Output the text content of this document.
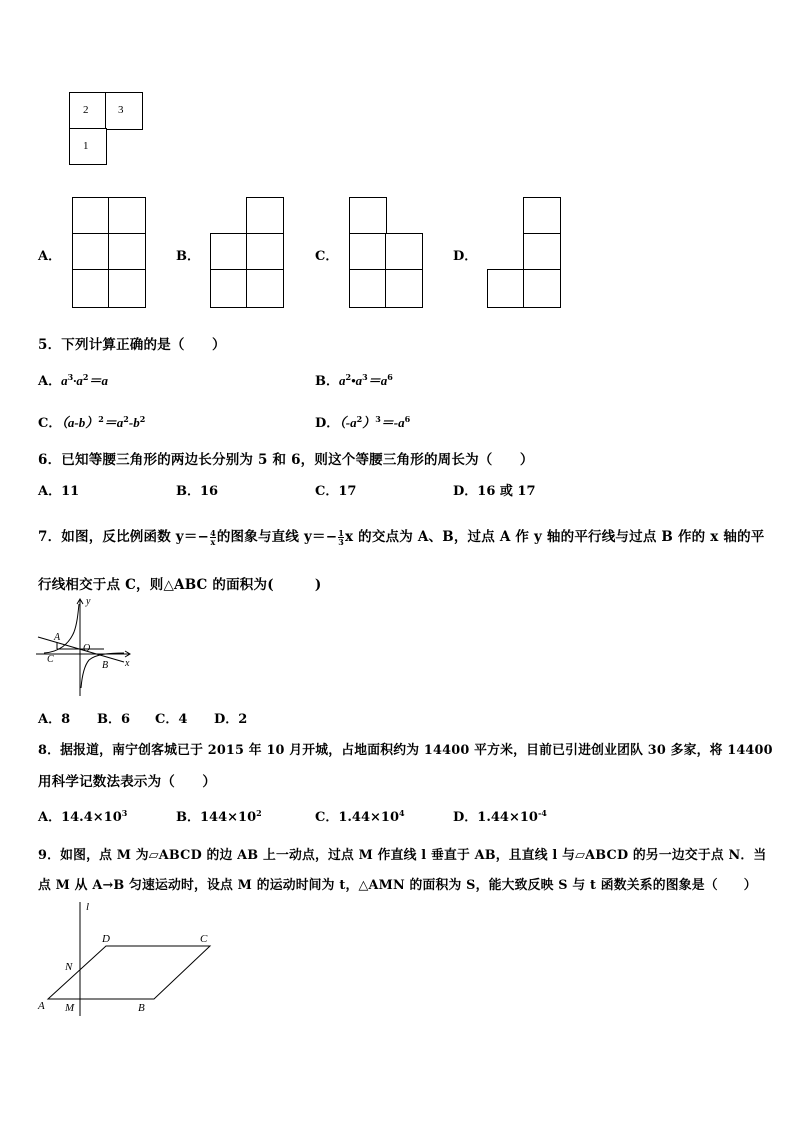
2	3
1
A．	B．	C．	D．
5．下列计算正确的是（　　）
A．$a^3\cdot a^2=a$	B．$a^2•a^3=a^6$
C．$(a-b)^2=a^2-b^2$	D．$(-a^2)^3=-a^6$
6．已知等腰三角形的两边长分别为 5 和 6，则这个等腰三角形的周长为（　　）
A．11	B．16	C．17	D．16 或 17
7．如图，反比例函数 $y=- \frac{4}{x}$ 的图象与直线 $y=- \frac{1}{3}$ x 的交点为 A、B，过点 A 作 y 轴的平行线与过点 B 作的 x 轴的平
行线相交于点 C，则△ABC 的面积为(　　　)
y
x
O
A
B
C
A．8 B．6 C．4 D．2
8．据报道，南宁创客城已于 2015 年 10 月开城，占地面积约为 14400 平方米，目前已引进创业团队 30 多家，将 14400
用科学记数法表示为（　　）
A．$14.4\times 10^3$	B．$144\times 10^2$	C．$1.44\times 10^4$	D．$1.44\times 10^{-4}$
9．如图，点 M 为▱ABCD 的边 AB 上一动点，过点 M 作直线 l 垂直于 AB，且直线 l 与▱ABCD 的另一边交于点 N．当
点 M 从 A→B 匀速运动时，设点 M 的运动时间为 t，△AMN 的面积为 S，能大致反映 S 与 t 函数关系的图象是（　　）
l
D	C
N
A M	B
